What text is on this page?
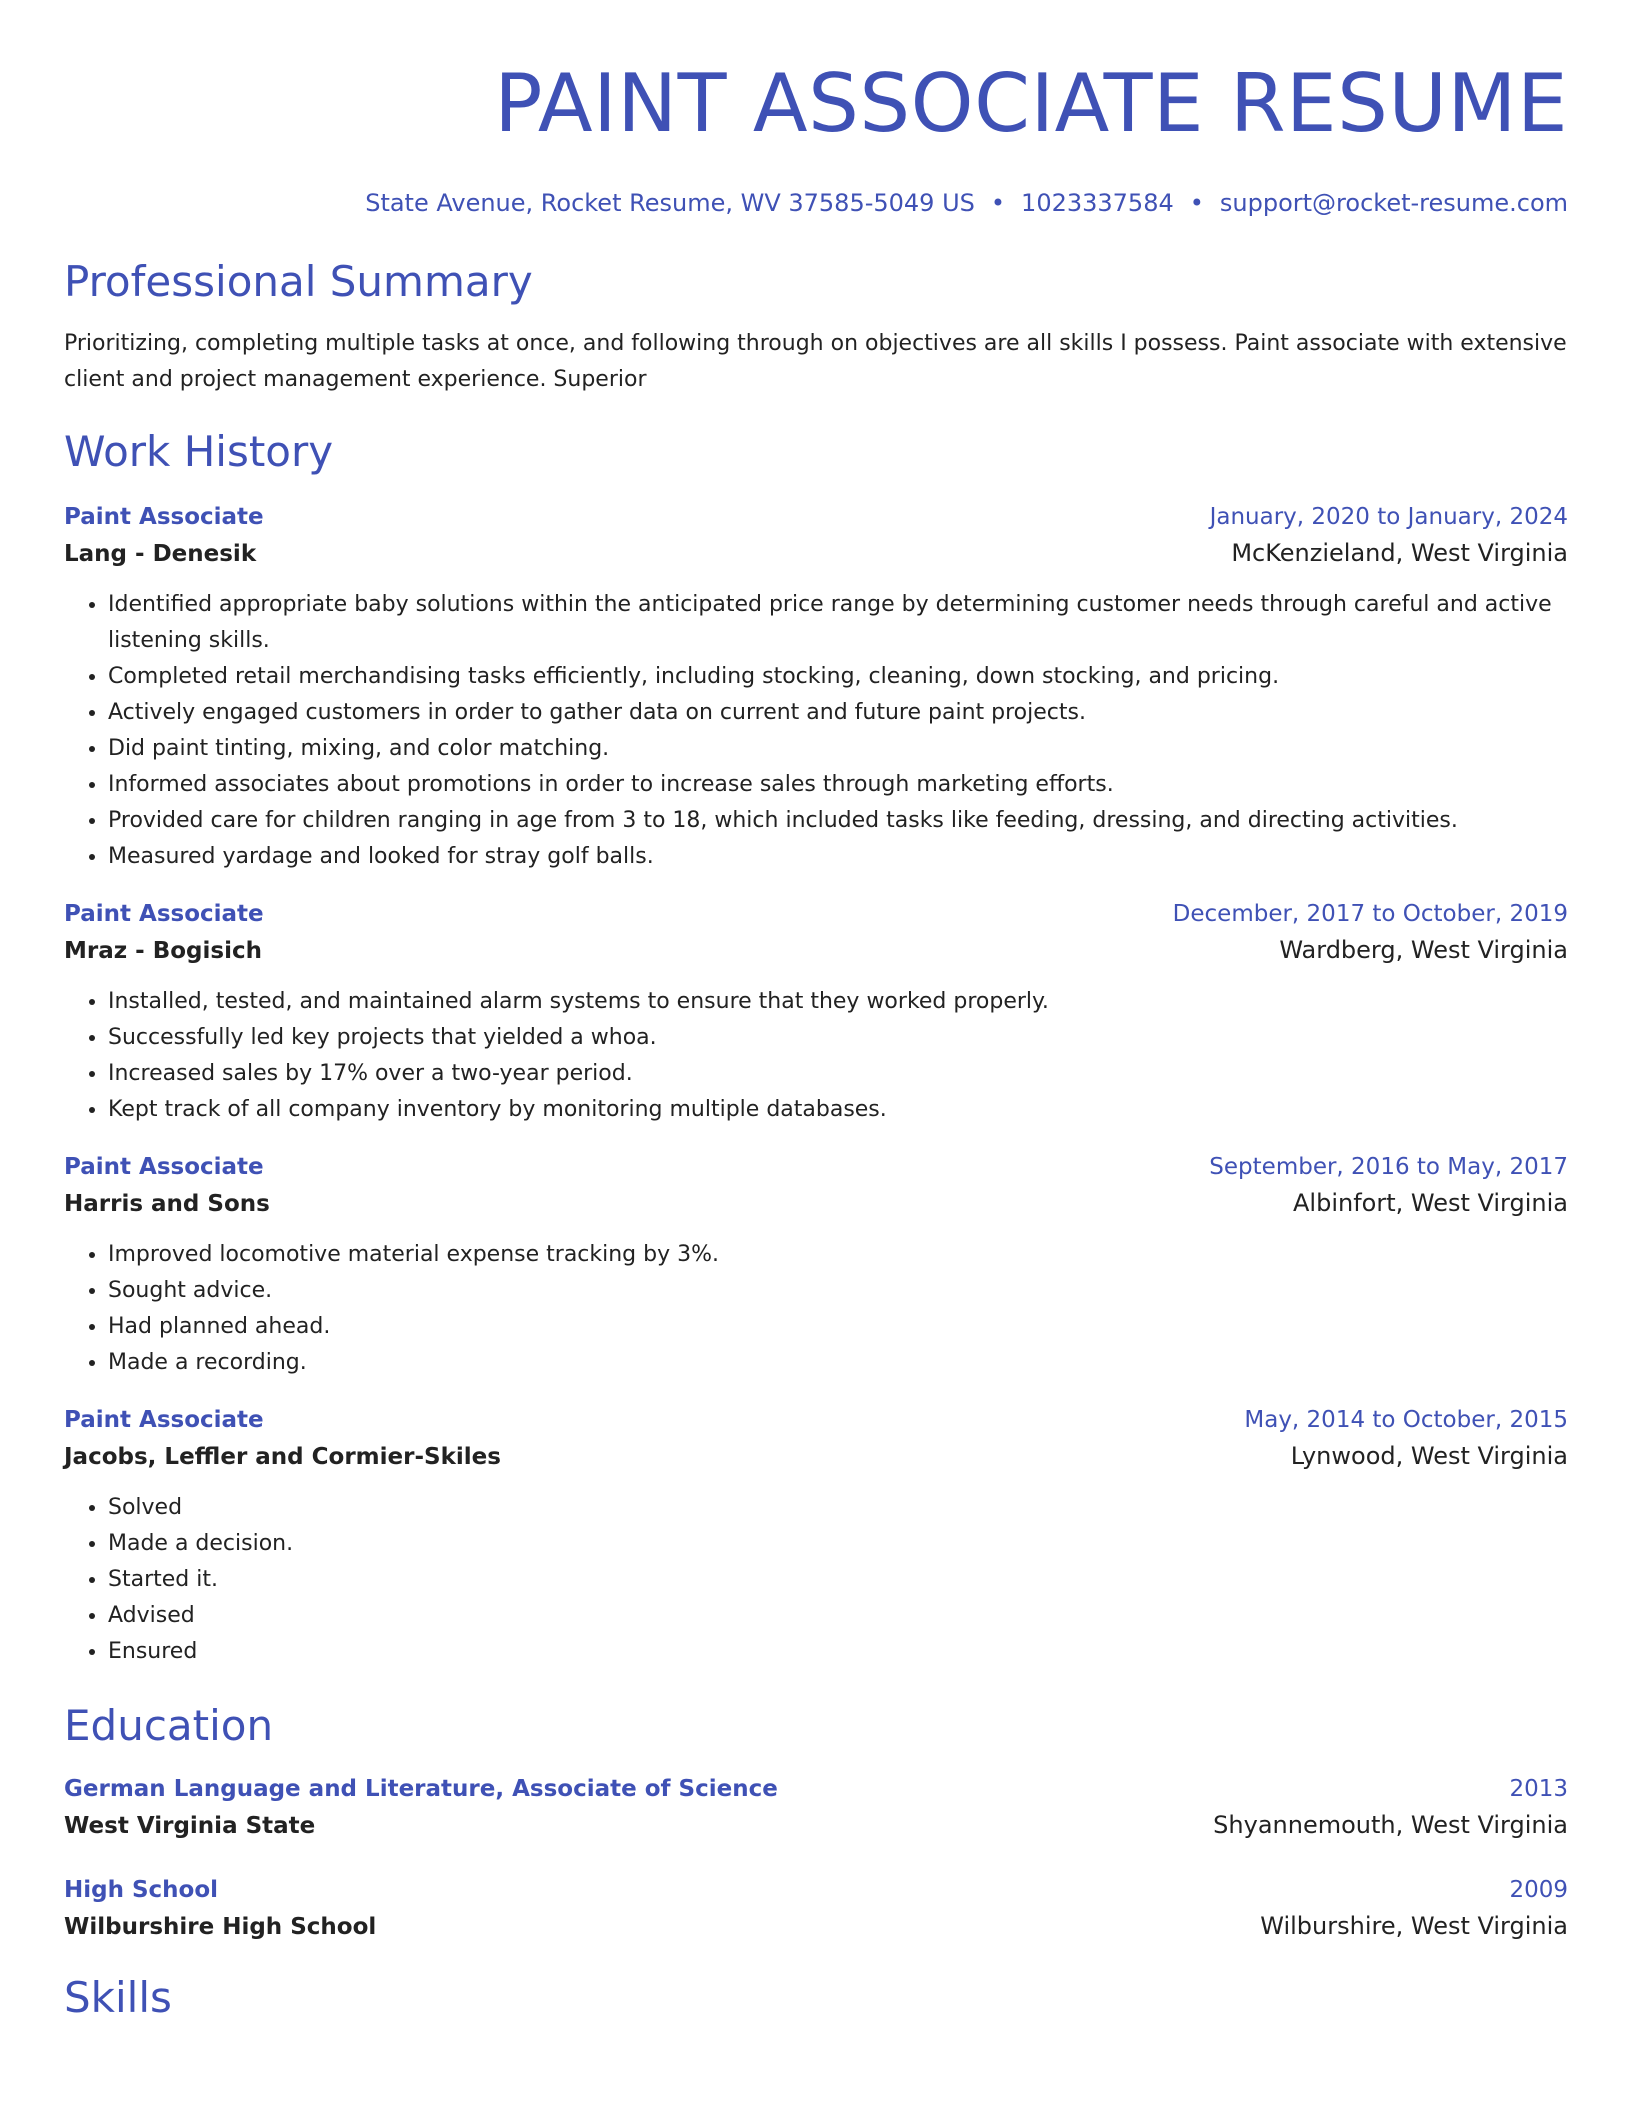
PAINT ASSOCIATE RESUME
State Avenue, Rocket Resume, WV 37585-5049 US • 1023337584 • support@rocket-resume.com
Professional Summary
Prioritizing, completing multiple tasks at once, and following through on objectives are all skills I possess. Paint associate with extensive client and project management experience. Superior
Work History
Paint Associate	January, 2020 to January, 2024
Lang - Denesik	McKenzieland, West Virginia
• Identified appropriate baby solutions within the anticipated price range by determining customer needs through careful and active listening skills.
• Completed retail merchandising tasks efficiently, including stocking, cleaning, down stocking, and pricing.
• Actively engaged customers in order to gather data on current and future paint projects.
• Did paint tinting, mixing, and color matching.
• Informed associates about promotions in order to increase sales through marketing efforts.
• Provided care for children ranging in age from 3 to 18, which included tasks like feeding, dressing, and directing activities.
• Measured yardage and looked for stray golf balls.
Paint Associate	December, 2017 to October, 2019
Mraz - Bogisich	Wardberg, West Virginia
• Installed, tested, and maintained alarm systems to ensure that they worked properly.
• Successfully led key projects that yielded a whoa.
• Increased sales by 17% over a two-year period.
• Kept track of all company inventory by monitoring multiple databases.
Paint Associate	September, 2016 to May, 2017
Harris and Sons	Albinfort, West Virginia
• Improved locomotive material expense tracking by 3%.
• Sought advice.
• Had planned ahead.
• Made a recording.
Paint Associate	May, 2014 to October, 2015
Jacobs, Leffler and Cormier-Skiles	Lynwood, West Virginia
• Solved
• Made a decision.
• Started it.
• Advised
• Ensured
Education
German Language and Literature, Associate of Science	2013
West Virginia State	Shyannemouth, West Virginia
High School	2009
Wilburshire High School	Wilburshire, West Virginia
Skills
